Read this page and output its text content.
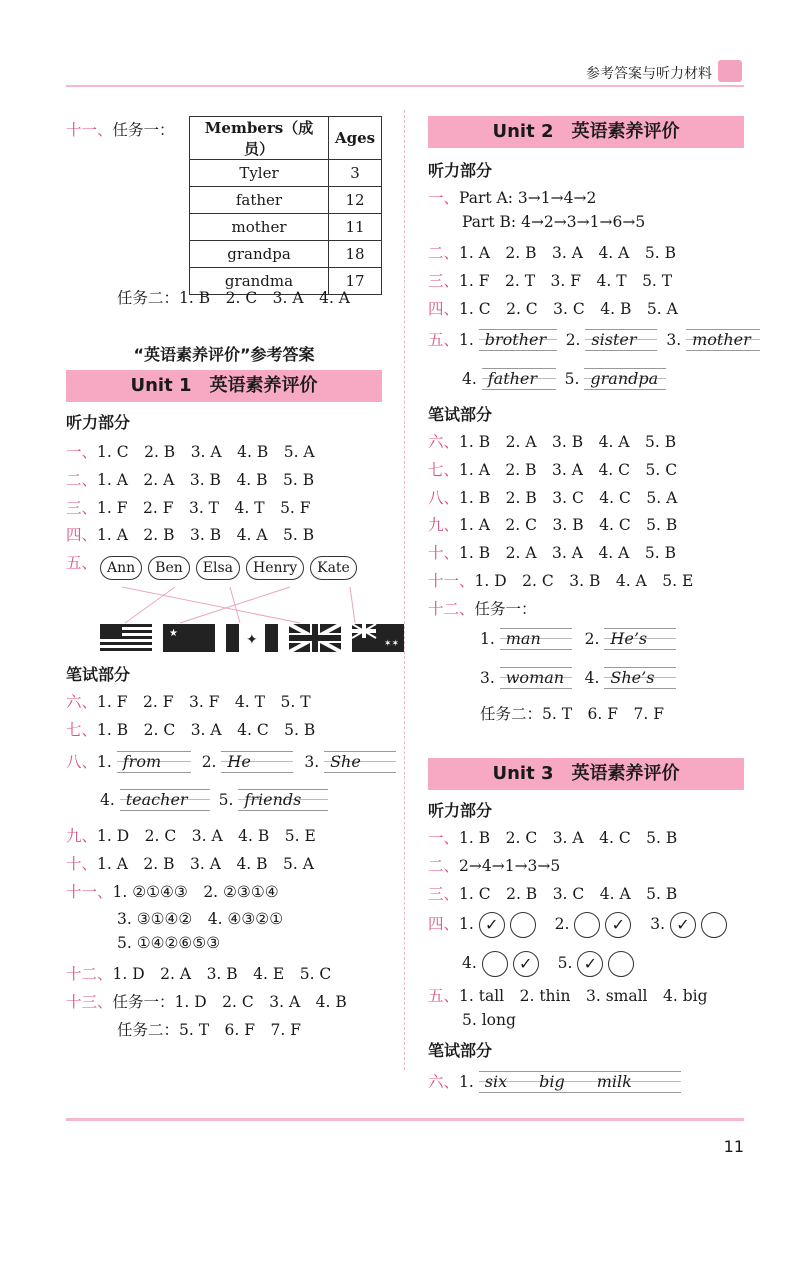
参考答案与听力材料
11
十一、任务一： Members（成员）	Ages
Tyler	3
father	12
mother	11
grandpa	18
grandma	17
任务二：1. B　2. C　3. A　4. A
“英语素养评价”参考答案
Unit 1　英语素养评价
听力部分
一、1. C　2. B　3. A　4. B　5. A
二、1. A　2. A　3. B　4. B　5. B
三、1. F　2. F　3. T　4. T　5. F
四、1. A　2. B　3. B　4. A　5. B
五、 Ann Ben Elsa Henry Kate

★
	✦
	✶✶
笔试部分
六、1. F　2. F　3. F　4. T　5. T
七、1. B　2. C　3. A　4. C　5. B
八、1. from	2. He	3. She
4. teacher 5. friends
九、1. D　2. C　3. A　4. B　5. E
十、1. A　2. B　3. A　4. B　5. A
十一、1. ②①④③　2. ②③①④
3. ③①④②　4. ④③②①
5. ①④②⑥⑤③
十二、1. D　2. A　3. B　4. E　5. C
十三、任务一：1. D　2. C　3. A　4. B
任务二：5. T　6. F　7. F
Unit 2　英语素养评价
听力部分
一、Part A: 3→1→4→2
Part B: 4→2→3→1→6→5
二、1. A　2. B　3. A　4. A　5. B
三、1. F　2. T　3. F　4. T　5. T
四、1. C　2. C　3. C　4. B　5. A
五、1. brother 2. sister 3. mother
4. father 5. grandpa
笔试部分
六、1. B　2. A　3. B　4. A　5. B
七、1. A　2. B　3. A　4. C　5. C
八、1. B　2. B　3. C　4. C　5. A
九、1. A　2. C　3. B　4. C　5. B
十、1. B　2. A　3. A　4. A　5. B
十一、1. D　2. C　3. B　4. A　5. E
十二、任务一：
1. man	2. He’s
3. woman 4. She’s
任务二：5. T　6. F　7. F
Unit 3　英语素养评价
听力部分
一、1. B　2. C　3. A　4. C　5. B
二、2→4→1→3→5
三、1. C　2. B　3. C　4. A　5. B
四、1. ✓	2.	✓ 3. ✓
4.	✓ 5. ✓
五、1. tall　2. thin　3. small　4. big
5. long
笔试部分
六、1. six   big   milk
